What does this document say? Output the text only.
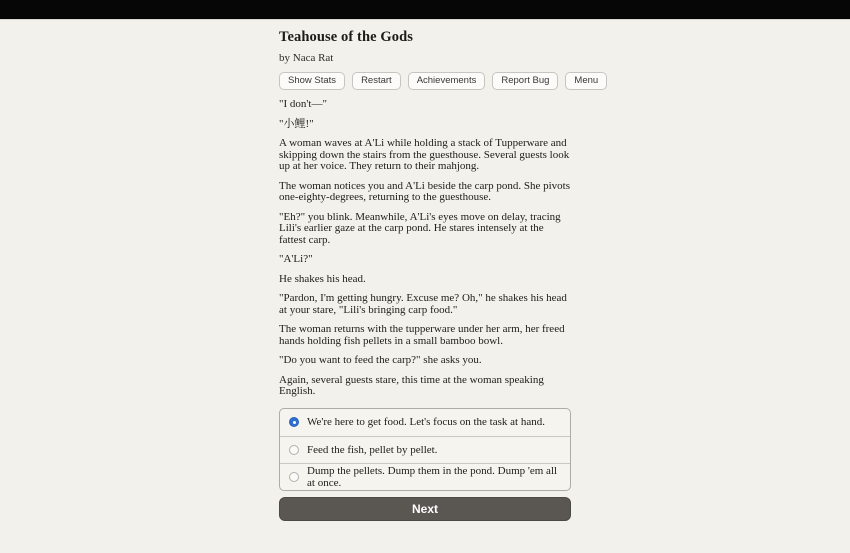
Teahouse of the Gods
by Naca Rat
Show Stats	Restart	Achievements	Report Bug	Menu

"I don't—"

"小鲤!"

A woman waves at A'Li while holding a stack of Tupperware and skipping down the stairs from the guesthouse. Several guests look up at her voice. They return to their mahjong.

The woman notices you and A'Li beside the carp pond. She pivots one-eighty-degrees, returning to the guesthouse.

"Eh?" you blink. Meanwhile, A'Li's eyes move on delay, tracing Lili's earlier gaze at the carp pond. He stares intensely at the fattest carp.

"A'Li?"

He shakes his head.

"Pardon, I'm getting hungry. Excuse me? Oh," he shakes his head at your stare, "Lili's bringing carp food."

The woman returns with the tupperware under her arm, her freed hands holding fish pellets in a small bamboo bowl.

"Do you want to feed the carp?" she asks you.

Again, several guests stare, this time at the woman speaking English.

We're here to get food. Let's focus on the task at hand.
Feed the fish, pellet by pellet.
Dump the pellets. Dump them in the pond. Dump 'em all at once.
Next
